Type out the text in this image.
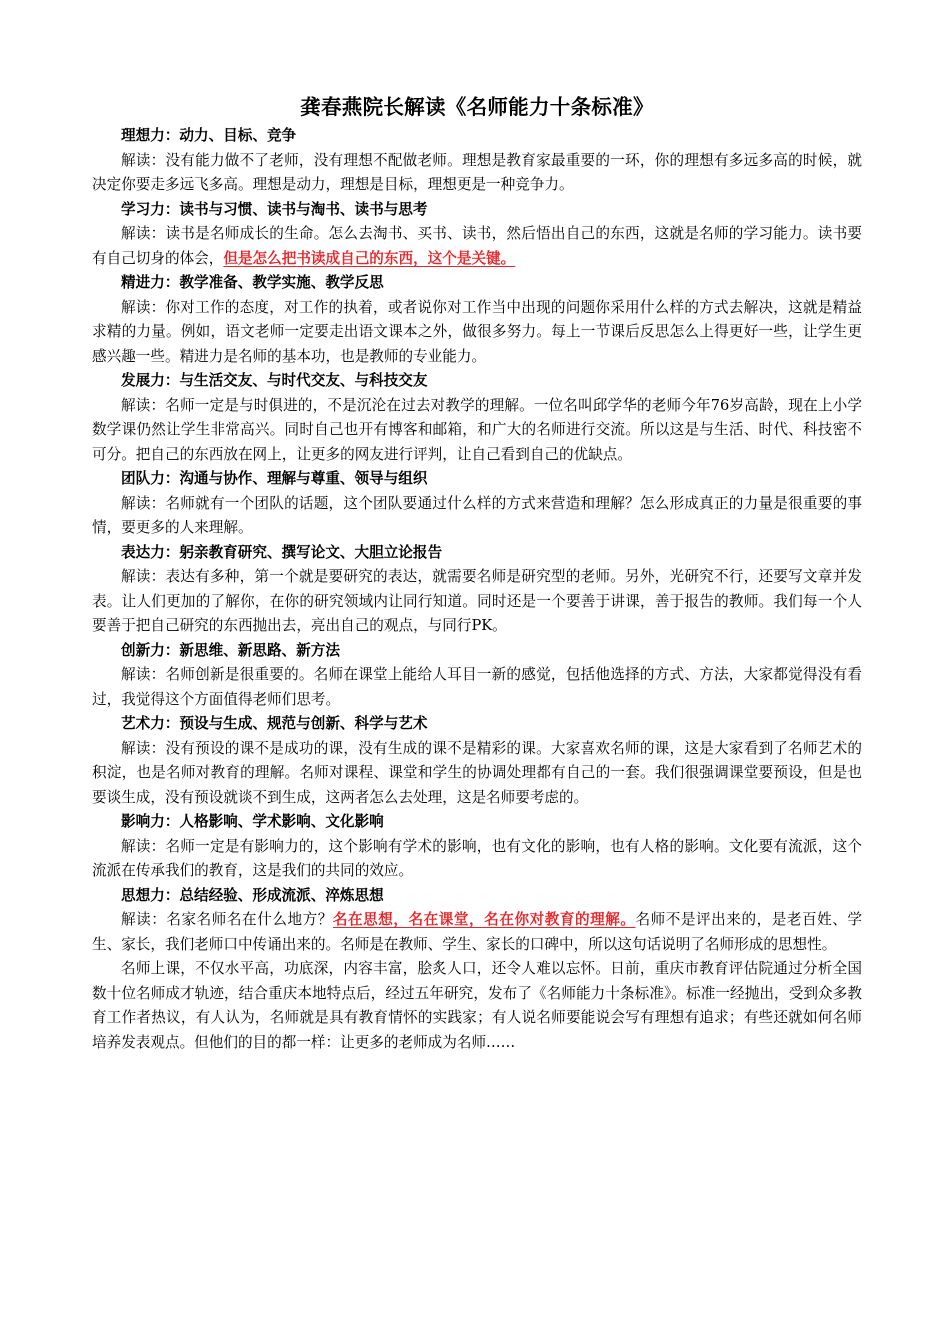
龚春燕院长解读《名师能力十条标准》

理想力：动力、目标、竞争

解读：没有能力做不了老师，没有理想不配做老师。理想是教育家最重要的一环，你的理想有多远多高的时候，就决定你要走多远飞多高。理想是动力，理想是目标，理想更是一种竞争力。

学习力：读书与习惯、读书与淘书、读书与思考

解读：读书是名师成长的生命。怎么去淘书、买书、读书，然后悟出自己的东西，这就是名师的学习能力。读书要有自己切身的体会，但是怎么把书读成自己的东西，这个是关键。

精进力：教学准备、教学实施、教学反思

解读：你对工作的态度，对工作的执着，或者说你对工作当中出现的问题你采用什么样的方式去解决，这就是精益求精的力量。例如，语文老师一定要走出语文课本之外，做很多努力。每上一节课后反思怎么上得更好一些，让学生更感兴趣一些。精进力是名师的基本功，也是教师的专业能力。

发展力：与生活交友、与时代交友、与科技交友

解读：名师一定是与时俱进的，不是沉沦在过去对教学的理解。一位名叫邱学华的老师今年76岁高龄，现在上小学数学课仍然让学生非常高兴。同时自己也开有博客和邮箱，和广大的名师进行交流。所以这是与生活、时代、科技密不可分。把自己的东西放在网上，让更多的网友进行评判，让自己看到自己的优缺点。

团队力：沟通与协作、理解与尊重、领导与组织

解读：名师就有一个团队的话题，这个团队要通过什么样的方式来营造和理解？怎么形成真正的力量是很重要的事情，要更多的人来理解。

表达力：躬亲教育研究、撰写论文、大胆立论报告

解读：表达有多种，第一个就是要研究的表达，就需要名师是研究型的老师。另外，光研究不行，还要写文章并发表。让人们更加的了解你，在你的研究领域内让同行知道。同时还是一个要善于讲课，善于报告的教师。我们每一个人要善于把自己研究的东西抛出去，亮出自己的观点，与同行PK。

创新力：新思维、新思路、新方法

解读：名师创新是很重要的。名师在课堂上能给人耳目一新的感觉，包括他选择的方式、方法，大家都觉得没有看过，我觉得这个方面值得老师们思考。

艺术力：预设与生成、规范与创新、科学与艺术

解读：没有预设的课不是成功的课，没有生成的课不是精彩的课。大家喜欢名师的课，这是大家看到了名师艺术的积淀，也是名师对教育的理解。名师对课程、课堂和学生的协调处理都有自己的一套。我们很强调课堂要预设，但是也要谈生成，没有预设就谈不到生成，这两者怎么去处理，这是名师要考虑的。

影响力：人格影响、学术影响、文化影响

解读：名师一定是有影响力的，这个影响有学术的影响，也有文化的影响，也有人格的影响。文化要有流派，这个流派在传承我们的教育，这是我们的共同的效应。

思想力：总结经验、形成流派、淬炼思想

解读：名家名师名在什么地方？名在思想，名在课堂，名在你对教育的理解。名师不是评出来的，是老百姓、学生、家长，我们老师口中传诵出来的。名师是在教师、学生、家长的口碑中，所以这句话说明了名师形成的思想性。

名师上课，不仅水平高，功底深，内容丰富，脍炙人口，还令人难以忘怀。日前，重庆市教育评估院通过分析全国数十位名师成才轨迹，结合重庆本地特点后，经过五年研究，发布了《名师能力十条标准》。标准一经抛出，受到众多教育工作者热议，有人认为，名师就是具有教育情怀的实践家；有人说名师要能说会写有理想有追求；有些还就如何名师培养发表观点。但他们的目的都一样：让更多的老师成为名师……
